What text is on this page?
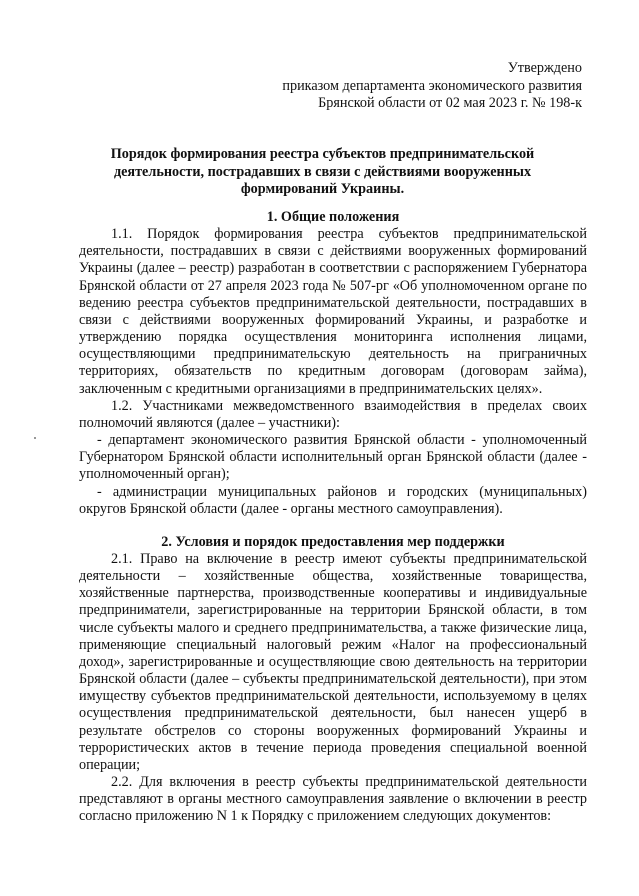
Утверждено
приказом департамента экономического развития
Брянской области от 02 мая 2023 г. № 198-к
Порядок формирования реестра субъектов предпринимательской деятельности, пострадавших в связи с действиями вооруженных формирований Украины.
1. Общие положения

1.1. Порядок формирования реестра субъектов предпринимательской деятельности, пострадавших в связи с действиями вооруженных формирований Украины (далее – реестр) разработан в соответствии с распоряжением Губернатора Брянской области от 27 апреля 2023 года № 507-рг «Об уполномоченном органе по ведению реестра субъектов предпринимательской деятельности, пострадавших в связи с действиями вооруженных формирований Украины, и разработке и утверждению порядка осуществления мониторинга исполнения лицами, осуществляющими предпринимательскую деятельность на приграничных территориях, обязательств по кредитным договорам (договорам займа), заключенным с кредитными организациями в предпринимательских целях».

1.2. Участниками межведомственного взаимодействия в пределах своих полномочий являются (далее – участники):

- департамент экономического развития Брянской области - уполномоченный Губернатором Брянской области исполнительный орган Брянской области (далее - уполномоченный орган);

- администрации муниципальных районов и городских (муниципальных) округов Брянской области (далее - органы местного самоуправления).

2. Условия и порядок предоставления мер поддержки

2.1. Право на включение в реестр имеют субъекты предпринимательской деятельности – хозяйственные общества, хозяйственные товарищества, хозяйственные партнерства, производственные кооперативы и индивидуальные предприниматели, зарегистрированные на территории Брянской области, в том числе субъекты малого и среднего предпринимательства, а также физические лица, применяющие специальный налоговый режим «Налог на профессиональный доход», зарегистрированные и осуществляющие свою деятельность на территории Брянской области (далее – субъекты предпринимательской деятельности), при этом имуществу субъектов предпринимательской деятельности, используемому в целях осуществления предпринимательской деятельности, был нанесен ущерб в результате обстрелов со стороны вооруженных формирований Украины и террористических актов в течение периода проведения специальной военной операции;

2.2. Для включения в реестр субъекты предпринимательской деятельности представляют в органы местного самоуправления заявление о включении в реестр согласно приложению N 1 к Порядку с приложением следующих документов:
